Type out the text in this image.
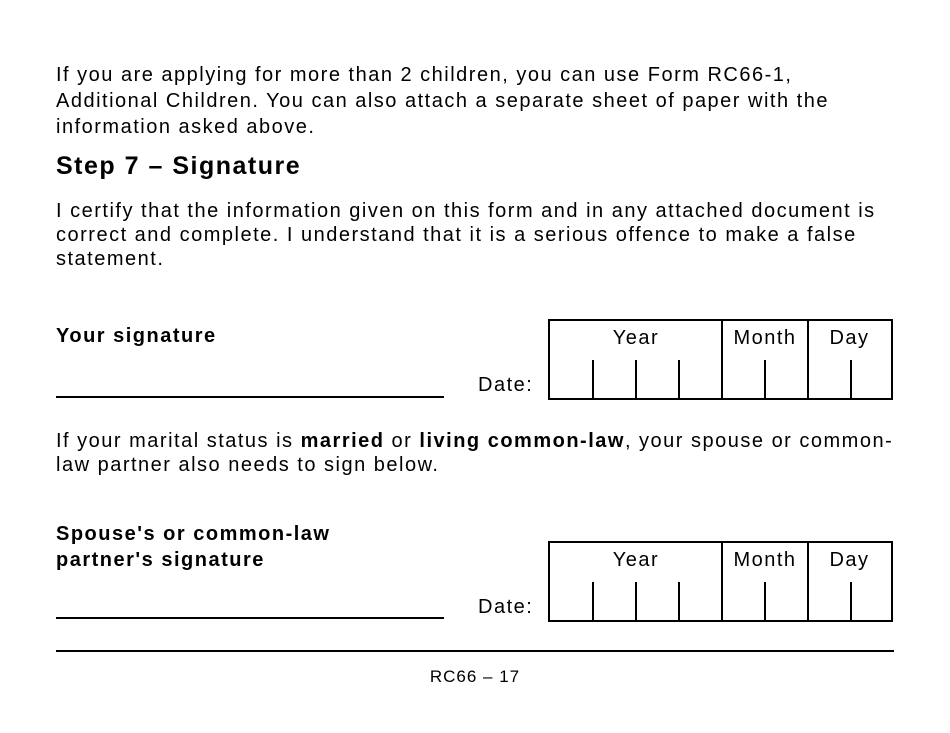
If you are applying for more than 2 children, you can use Form RC66-1, Additional Children. You can also attach a separate sheet of paper with the information asked above.

Step 7 – Signature

I certify that the information given on this form and in any attached document is correct and complete. I understand that it is a serious offence to make a false statement.

Your signature
Date:
Year	Month	Day

If your marital status is married or living common-law, your spouse or common-law partner also needs to sign below.

Spouse's or common-law
partner's signature
Date:
Year	Month	Day
RC66 – 17
